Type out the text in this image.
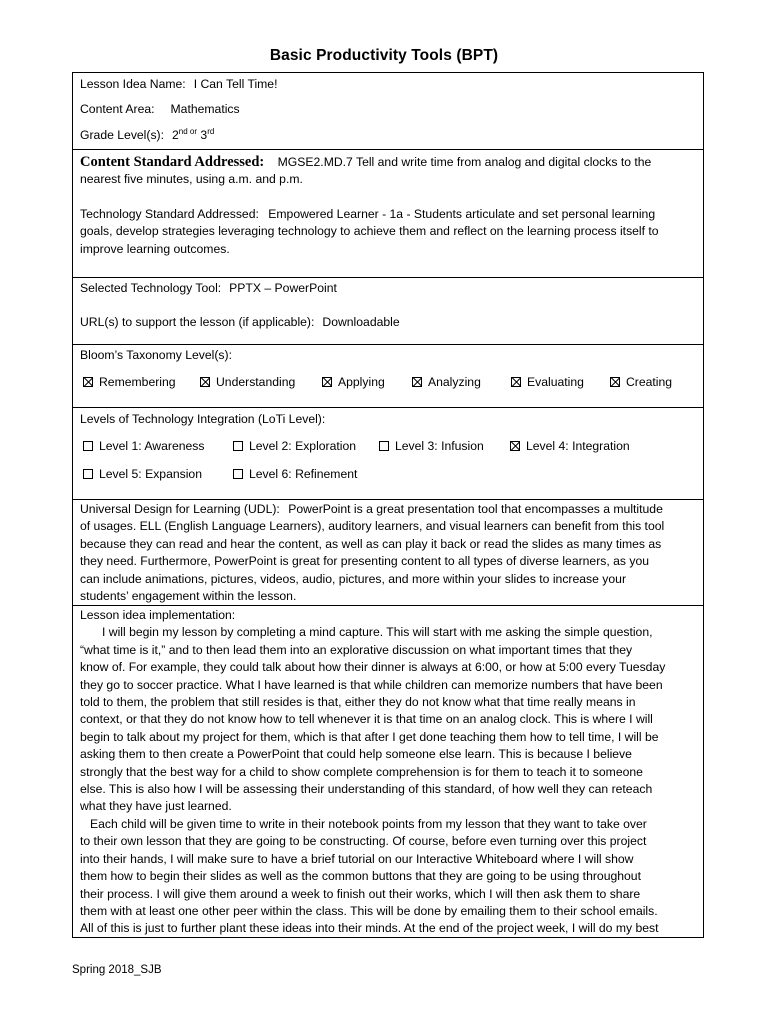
Basic Productivity Tools (BPT)
Lesson Idea Name: I Can Tell Time!
Content Area: Mathematics
Grade Level(s): $2^{nd or}$ 3rd
Content Standard Addressed: MGSE2.MD.7 Tell and write time from analog and digital clocks to the
nearest five minutes, using a.m. and p.m.
Technology Standard Addressed: Empowered Learner - 1a - Students articulate and set personal learning
goals, develop strategies leveraging technology to achieve them and reflect on the learning process itself to
improve learning outcomes.
Selected Technology Tool: PPTX – PowerPoint
URL(s) to support the lesson (if applicable): Downloadable
Bloom’s Taxonomy Level(s):
Remembering	Understanding	Applying	Analyzing	Evaluating	Creating
Levels of Technology Integration (LoTi Level):
Level 1: Awareness	Level 2: Exploration	Level 3: Infusion	Level 4: Integration
Level 5: Expansion	Level 6: Refinement
Universal Design for Learning (UDL): PowerPoint is a great presentation tool that encompasses a multitude
of usages. ELL (English Language Learners), auditory learners, and visual learners can benefit from this tool
because they can read and hear the content, as well as can play it back or read the slides as many times as
they need. Furthermore, PowerPoint is great for presenting content to all types of diverse learners, as you
can include animations, pictures, videos, audio, pictures, and more within your slides to increase your
students’ engagement within the lesson.
Lesson idea implementation:
I will begin my lesson by completing a mind capture. This will start with me asking the simple question,
“what time is it,” and to then lead them into an explorative discussion on what important times that they
know of. For example, they could talk about how their dinner is always at 6:00, or how at 5:00 every Tuesday
they go to soccer practice. What I have learned is that while children can memorize numbers that have been
told to them, the problem that still resides is that, either they do not know what that time really means in
context, or that they do not know how to tell whenever it is that time on an analog clock. This is where I will
begin to talk about my project for them, which is that after I get done teaching them how to tell time, I will be
asking them to then create a PowerPoint that could help someone else learn. This is because I believe
strongly that the best way for a child to show complete comprehension is for them to teach it to someone
else. This is also how I will be assessing their understanding of this standard, of how well they can reteach
what they have just learned.
Each child will be given time to write in their notebook points from my lesson that they want to take over
to their own lesson that they are going to be constructing. Of course, before even turning over this project
into their hands, I will make sure to have a brief tutorial on our Interactive Whiteboard where I will show
them how to begin their slides as well as the common buttons that they are going to be using throughout
their process. I will give them around a week to finish out their works, which I will then ask them to share
them with at least one other peer within the class. This will be done by emailing them to their school emails.
All of this is just to further plant these ideas into their minds. At the end of the project week, I will do my best
Spring 2018_SJB
